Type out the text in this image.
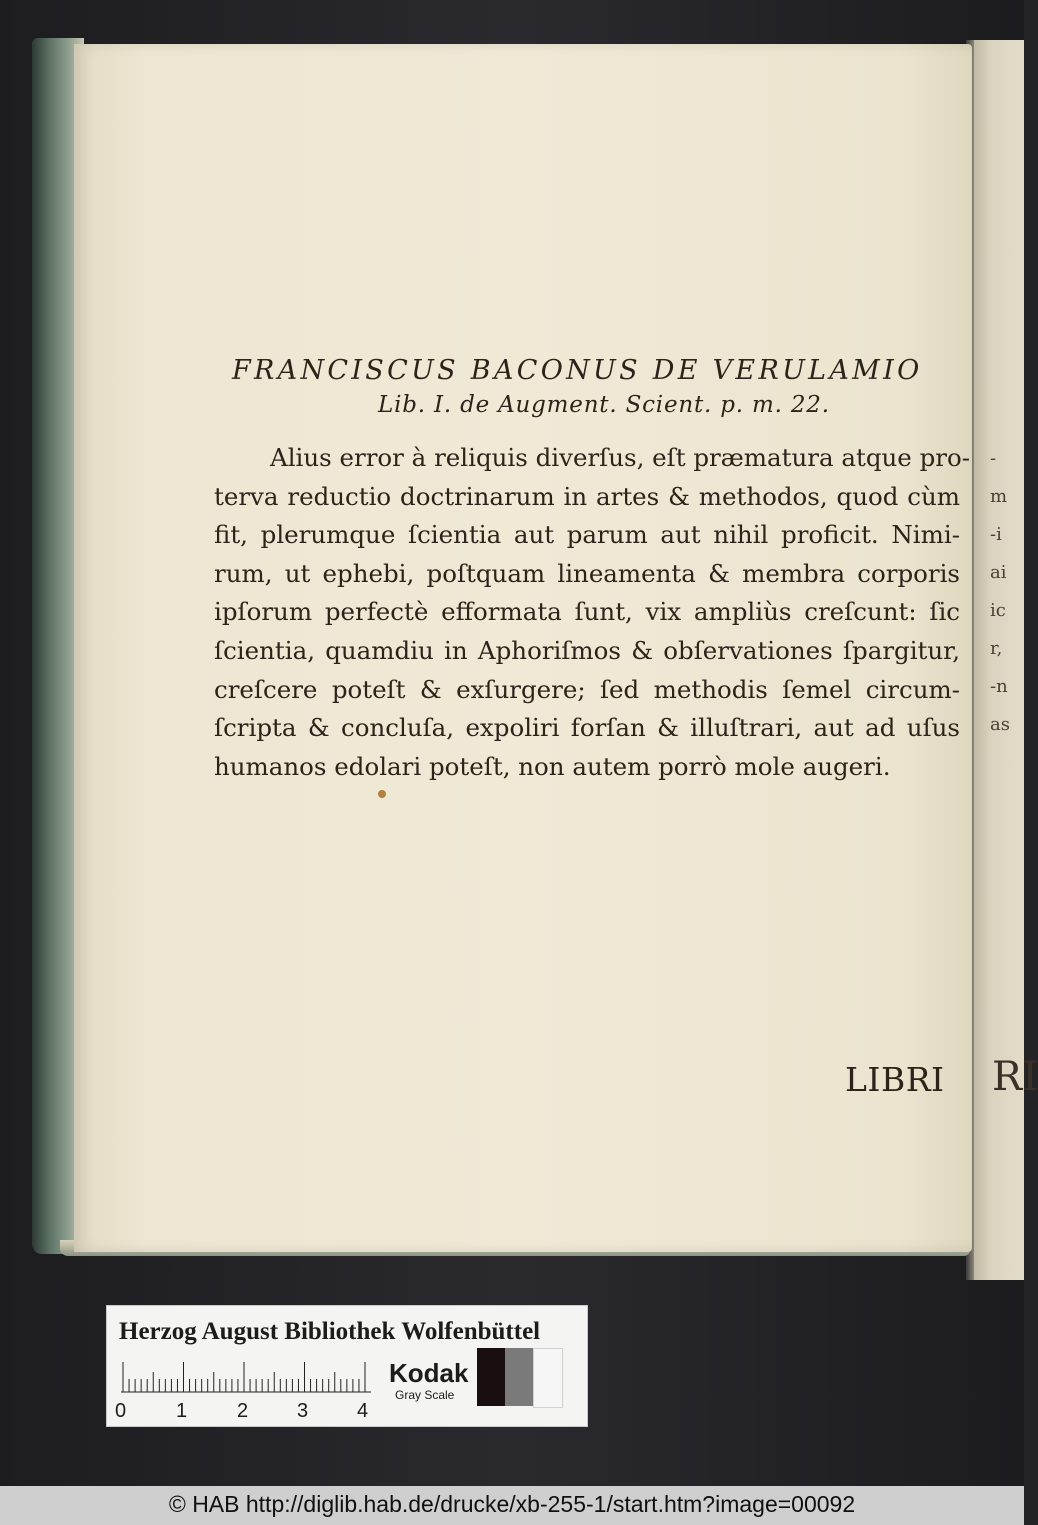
-
m
-i
ai
ic
r,
-n
as
RI
FRANCISCUS BACONUS DE VERULAMIO
Lib. I. de Augment. Scient. p. m. 22.
Alius error à reliquis diverſus, eſt præmatura atque pro-
terva reductio doctrinarum in artes & methodos, quod cùm
fit, plerumque ſcientia aut parum aut nihil proficit. Nimi-
rum, ut ephebi, poſtquam lineamenta & membra corporis
ipſorum perfectè efformata ſunt, vix ampliùs creſcunt: ſic
ſcientia, quamdiu in Aphoriſmos & obſervationes ſpargitur,
creſcere poteſt & exſurgere; ſed methodis ſemel circum-
ſcripta & concluſa, expoliri forſan & illuſtrari, aut ad uſus
humanos edolari poteſt, non autem porrò mole augeri.
LIBRI
Herzog August Bibliothek Wolfenbüttel
0 1 2 3 4
Kodak
Gray Scale
© HAB http://diglib.hab.de/drucke/xb-255-1/start.htm?image=00092
